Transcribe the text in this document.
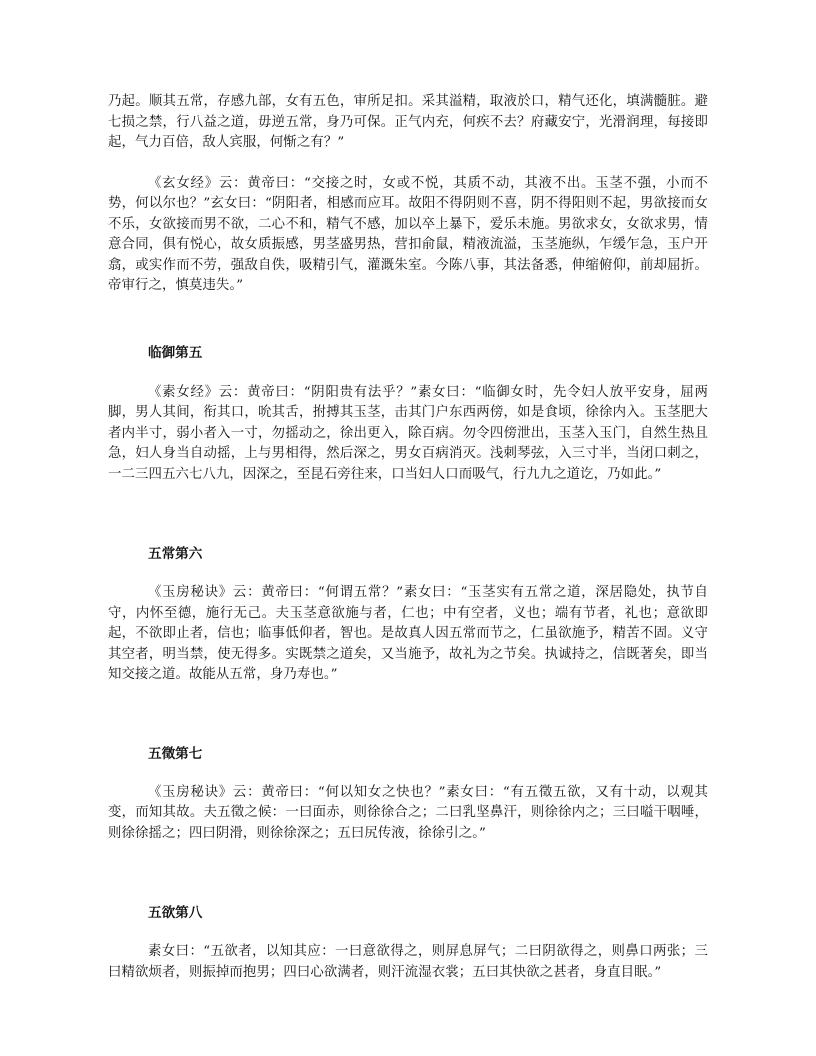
乃起。顺其五常，存感九部，女有五色，审所足扣。采其溢精，取液於口，精气还化，填满髓脏。避七损之禁，行八益之道，毋逆五常，身乃可保。正气内充，何疾不去？府藏安宁，光滑润理，每接即起，气力百倍，敌人宾服，何惭之有？”

《玄女经》云：黄帝曰：“交接之时，女或不悦，其质不动，其液不出。玉茎不强，小而不势，何以尔也？”玄女曰：“阴阳者，相感而应耳。故阳不得阴则不喜，阴不得阳则不起，男欲接而女不乐，女欲接而男不欲，二心不和，精气不感，加以卒上暴下，爱乐未施。男欲求女，女欲求男，情意合同，俱有悦心，故女质振感，男茎盛男热，营扣俞鼠，精液流溢，玉茎施纵，乍缓乍急，玉户开翕，或实作而不劳，强敌自佚，吸精引气，灌溉朱室。今陈八事，其法备悉，伸缩俯仰，前却屈折。帝审行之，慎莫违失。”

临御第五

《素女经》云：黄帝曰：“阴阳贵有法乎？”素女曰：“临御女时，先令妇人放平安身，屈两脚，男人其间，衔其口，吮其舌，拊搏其玉茎，击其门户东西两傍，如是食顷，徐徐内入。玉茎肥大者内半寸，弱小者入一寸，勿摇动之，徐出更入，除百病。勿令四傍泄出，玉茎入玉门，自然生热且急，妇人身当自动摇，上与男相得，然后深之，男女百病消灭。浅刺琴弦，入三寸半，当闭口刺之，一二三四五六七八九，因深之，至昆石旁往来，口当妇人口而吸气，行九九之道讫，乃如此。”

五常第六

《玉房秘诀》云：黄帝曰：“何谓五常？”素女曰：“玉茎实有五常之道，深居隐处，执节自守，内怀至德，施行无己。夫玉茎意欲施与者，仁也；中有空者，义也；端有节者，礼也；意欲即起，不欲即止者，信也；临事低仰者，智也。是故真人因五常而节之，仁虽欲施予，精苦不固。义守其空者，明当禁，使无得多。实既禁之道矣，又当施予，故礼为之节矣。执诚持之，信既著矣，即当知交接之道。故能从五常，身乃寿也。”

五徵第七

《玉房秘诀》云：黄帝曰：“何以知女之快也？”素女曰：“有五徵五欲，又有十动，以观其变，而知其故。夫五徵之候：一曰面赤，则徐徐合之；二曰乳坚鼻汗，则徐徐内之；三曰嗌干咽唾，则徐徐摇之；四曰阴滑，则徐徐深之；五曰尻传液，徐徐引之。”

五欲第八

素女曰：“五欲者，以知其应：一曰意欲得之，则屏息屏气；二曰阴欲得之，则鼻口两张；三曰精欲烦者，则振掉而抱男；四曰心欲满者，则汗流湿衣裳；五曰其快欲之甚者，身直目眠。”
